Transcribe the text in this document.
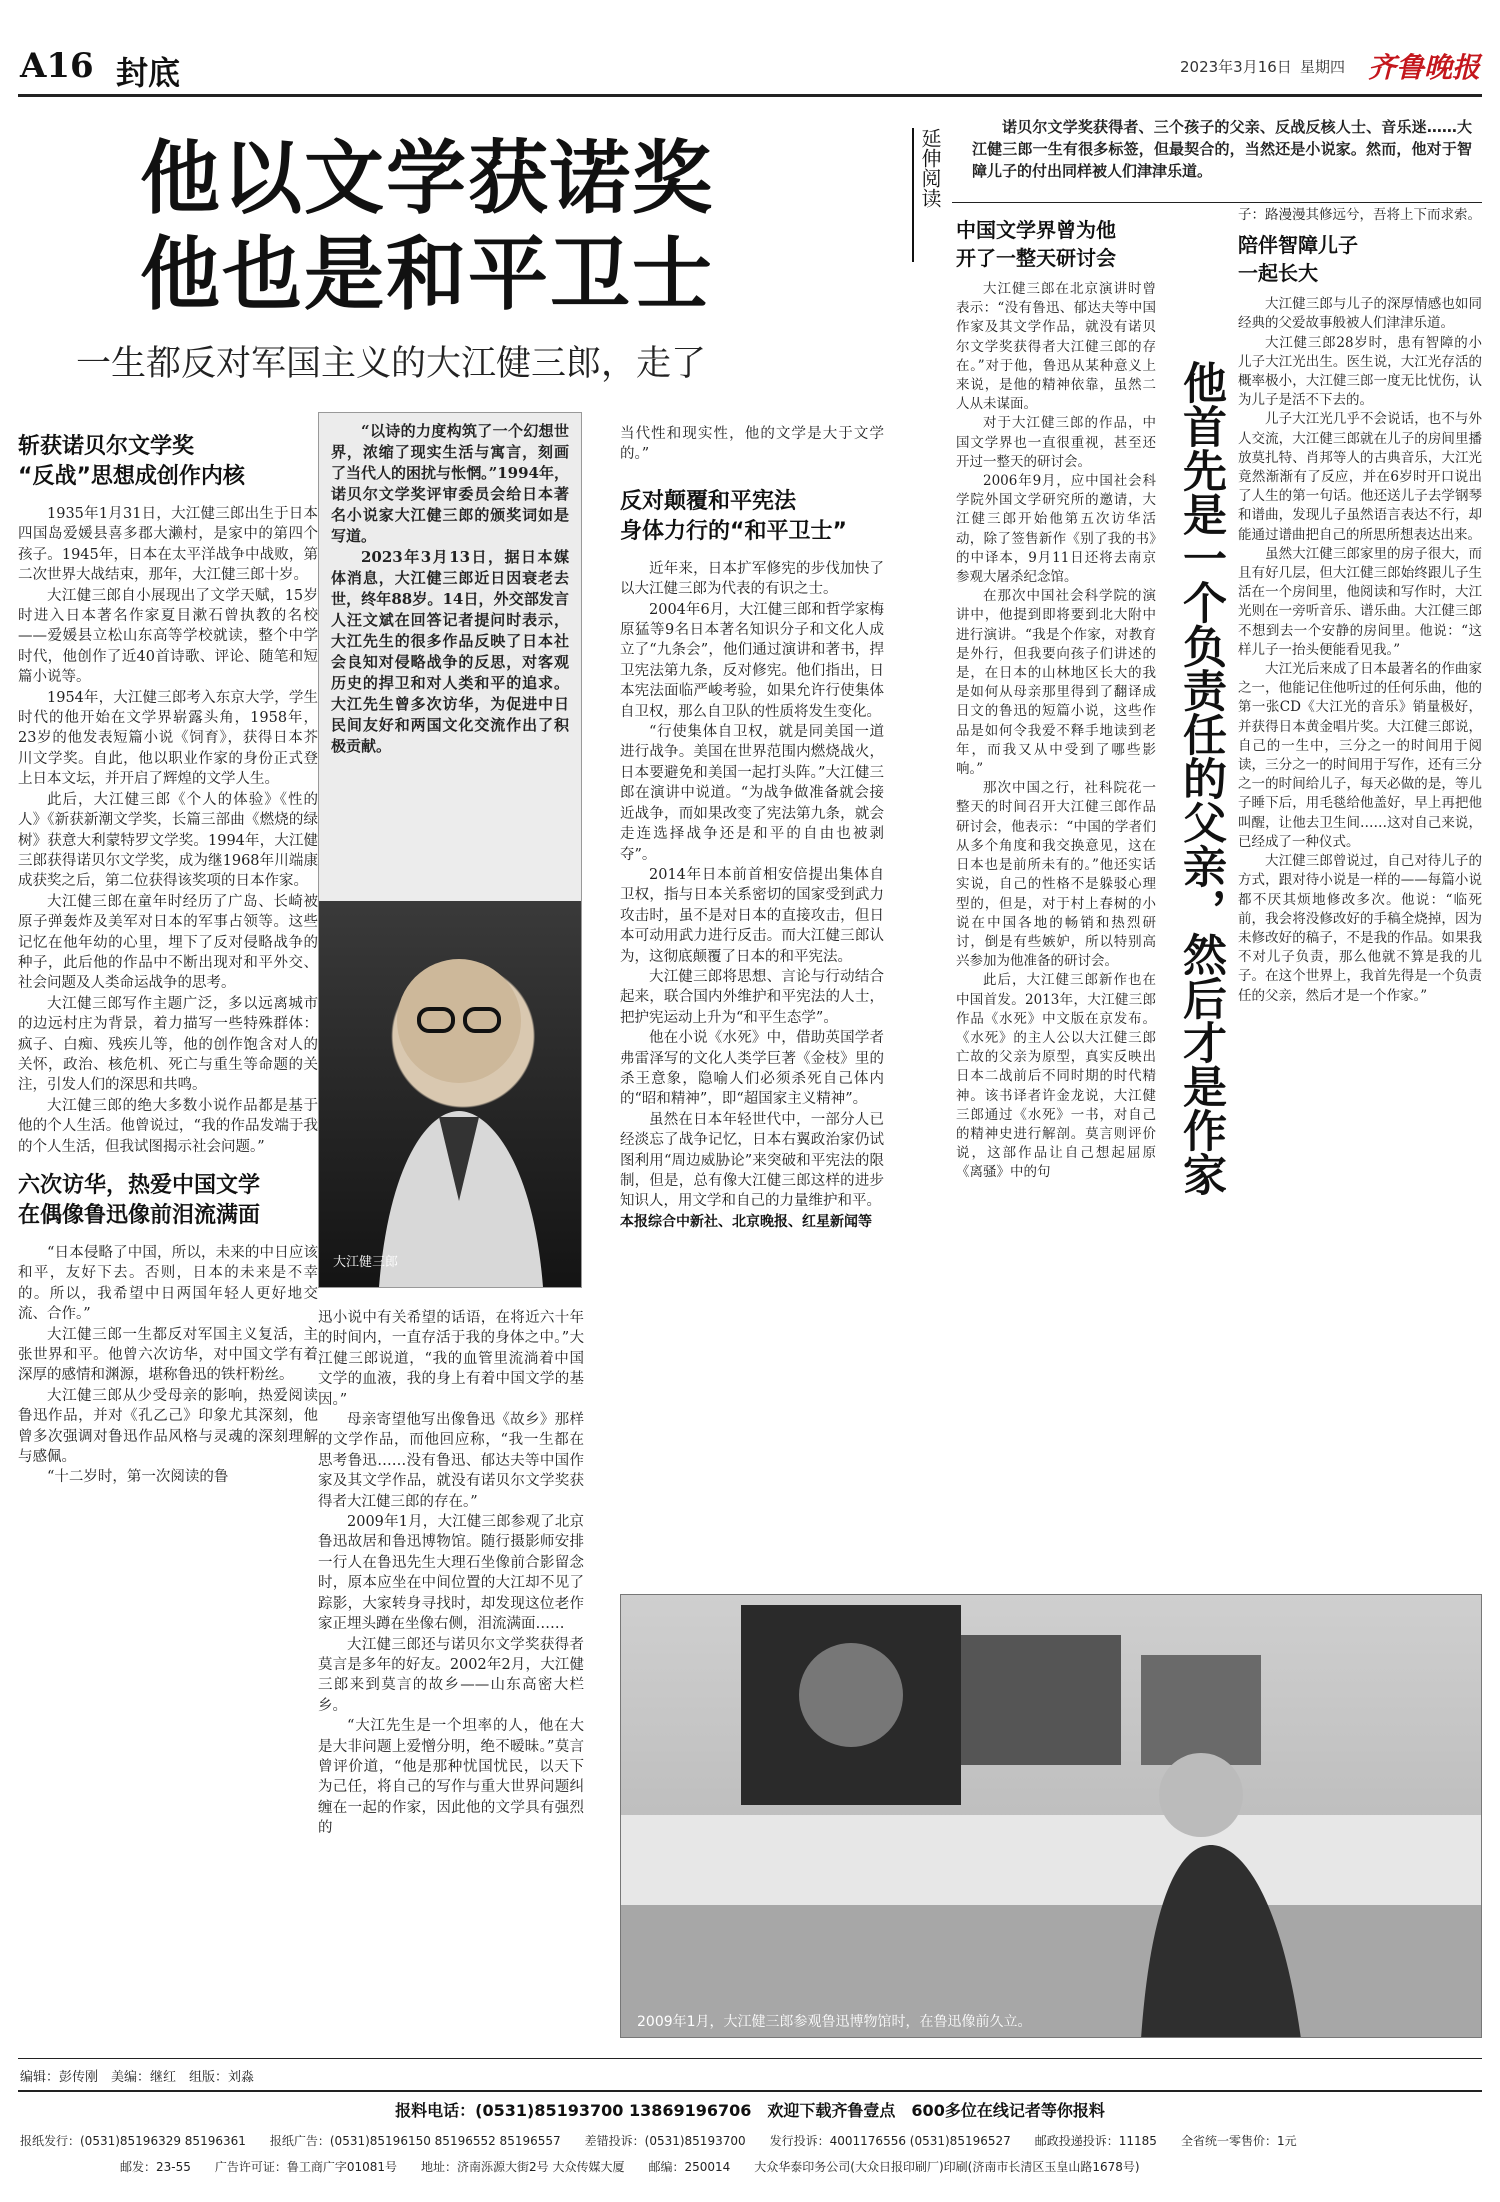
A16 封底	2023年3月16日 星期四 齐鲁晚报
他以文学获诺奖
他也是和平卫士
一生都反对军国主义的大江健三郎，走了
斩获诺贝尔文学奖
“反战”思想成创作内核

1935年1月31日，大江健三郎出生于日本四国岛爱媛县喜多郡大濑村，是家中的第四个孩子。1945年，日本在太平洋战争中战败，第二次世界大战结束，那年，大江健三郎十岁。

大江健三郎自小展现出了文学天赋，15岁时进入日本著名作家夏目漱石曾执教的名校——爱媛县立松山东高等学校就读，整个中学时代，他创作了近40首诗歌、评论、随笔和短篇小说等。

1954年，大江健三郎考入东京大学，学生时代的他开始在文学界崭露头角，1958年，23岁的他发表短篇小说《饲育》，获得日本芥川文学奖。自此，他以职业作家的身份正式登上日本文坛，并开启了辉煌的文学人生。

此后，大江健三郎《个人的体验》《性的人》《新获新潮文学奖，长篇三部曲《燃烧的绿树》获意大利蒙特罗文学奖。1994年，大江健三郎获得诺贝尔文学奖，成为继1968年川端康成获奖之后，第二位获得该奖项的日本作家。

大江健三郎在童年时经历了广岛、长崎被原子弹轰炸及美军对日本的军事占领等。这些记忆在他年幼的心里，埋下了反对侵略战争的种子，此后他的作品中不断出现对和平外交、社会问题及人类命运战争的思考。

大江健三郎写作主题广泛，多以远离城市的边远村庄为背景，着力描写一些特殊群体：疯子、白痴、残疾儿等，他的创作饱含对人的关怀，政治、核危机、死亡与重生等命题的关注，引发人们的深思和共鸣。

大江健三郎的绝大多数小说作品都是基于他的个人生活。他曾说过，“我的作品发端于我的个人生活，但我试图揭示社会问题。”

六次访华，热爱中国文学
在偶像鲁迅像前泪流满面

“日本侵略了中国，所以，未来的中日应该和平，友好下去。否则，日本的未来是不幸的。所以，我希望中日两国年轻人更好地交流、合作。”

大江健三郎一生都反对军国主义复活，主张世界和平。他曾六次访华，对中国文学有着深厚的感情和渊源，堪称鲁迅的铁杆粉丝。

大江健三郎从少受母亲的影响，热爱阅读鲁迅作品，并对《孔乙己》印象尤其深刻，他曾多次强调对鲁迅作品风格与灵魂的深刻理解与感佩。

“十二岁时，第一次阅读的鲁

“以诗的力度构筑了一个幻想世界，浓缩了现实生活与寓言，刻画了当代人的困扰与怅惘。”1994年，诺贝尔文学奖评审委员会给日本著名小说家大江健三郎的颁奖词如是写道。

2023年3月13日，据日本媒体消息，大江健三郎近日因衰老去世，终年88岁。14日，外交部发言人汪文斌在回答记者提问时表示，大江先生的很多作品反映了日本社会良知对侵略战争的反思，对客观历史的捍卫和对人类和平的追求。大江先生曾多次访华，为促进中日民间友好和两国文化交流作出了积极贡献。

大江健三郎

迅小说中有关希望的话语，在将近六十年的时间内，一直存活于我的身体之中。”大江健三郎说道，“我的血管里流淌着中国文学的血液，我的身上有着中国文学的基因。”

母亲寄望他写出像鲁迅《故乡》那样的文学作品，而他回应称，“我一生都在思考鲁迅……没有鲁迅、郁达夫等中国作家及其文学作品，就没有诺贝尔文学奖获得者大江健三郎的存在。”

2009年1月，大江健三郎参观了北京鲁迅故居和鲁迅博物馆。随行摄影师安排一行人在鲁迅先生大理石坐像前合影留念时，原本应坐在中间位置的大江却不见了踪影，大家转身寻找时，却发现这位老作家正埋头蹲在坐像右侧，泪流满面……

大江健三郎还与诺贝尔文学奖获得者莫言是多年的好友。2002年2月，大江健三郎来到莫言的故乡——山东高密大栏乡。

“大江先生是一个坦率的人，他在大是大非问题上爱憎分明，绝不暧昧。”莫言曾评价道，“他是那种忧国忧民，以天下为己任，将自己的写作与重大世界问题纠缠在一起的作家，因此他的文学具有强烈的

当代性和现实性，他的文学是大于文学的。”
反对颠覆和平宪法
身体力行的“和平卫士”

近年来，日本扩军修宪的步伐加快了以大江健三郎为代表的有识之士。

2004年6月，大江健三郎和哲学家梅原猛等9名日本著名知识分子和文化人成立了“九条会”，他们通过演讲和著书，捍卫宪法第九条，反对修宪。他们指出，日本宪法面临严峻考验，如果允许行使集体自卫权，那么自卫队的性质将发生变化。

“行使集体自卫权，就是同美国一道进行战争。美国在世界范围内燃烧战火，日本要避免和美国一起打头阵。”大江健三郎在演讲中说道。“为战争做准备就会接近战争，而如果改变了宪法第九条，就会走连选择战争还是和平的自由也被剥夺”。

2014年日本前首相安倍提出集体自卫权，指与日本关系密切的国家受到武力攻击时，虽不是对日本的直接攻击，但日本可动用武力进行反击。而大江健三郎认为，这彻底颠覆了日本的和平宪法。

大江健三郎将思想、言论与行动结合起来，联合国内外维护和平宪法的人士，把护宪运动上升为“和平生态学”。

他在小说《水死》中，借助英国学者弗雷泽写的文化人类学巨著《金枝》里的杀王意象，隐喻人们必须杀死自己体内的“昭和精神”，即“超国家主义精神”。

虽然在日本年轻世代中，一部分人已经淡忘了战争记忆，日本右翼政治家仍试图利用“周边威胁论”来突破和平宪法的限制，但是，总有像大江健三郎这样的进步知识人，用文学和自己的力量维护和平。

本报综合中新社、北京晚报、红星新闻等
延伸阅读
诺贝尔文学奖获得者、三个孩子的父亲、反战反核人士、音乐迷……大江健三郎一生有很多标签，但最契合的，当然还是小说家。然而，他对于智障儿子的付出同样被人们津津乐道。
中国文学界曾为他
开了一整天研讨会

大江健三郎在北京演讲时曾表示：“没有鲁迅、郁达夫等中国作家及其文学作品，就没有诺贝尔文学奖获得者大江健三郎的存在。”对于他，鲁迅从某种意义上来说，是他的精神依靠，虽然二人从未谋面。

对于大江健三郎的作品，中国文学界也一直很重视，甚至还开过一整天的研讨会。

2006年9月，应中国社会科学院外国文学研究所的邀请，大江健三郎开始他第五次访华活动，除了签售新作《别了我的书》的中译本，9月11日还将去南京参观大屠杀纪念馆。

在那次中国社会科学院的演讲中，他提到即将要到北大附中进行演讲。“我是个作家，对教育是外行，但我要向孩子们讲述的是，在日本的山林地区长大的我是如何从母亲那里得到了翻译成日文的鲁迅的短篇小说，这些作品是如何令我爱不释手地读到老年，而我又从中受到了哪些影响。”

那次中国之行，社科院花一整天的时间召开大江健三郎作品研讨会，他表示：“中国的学者们从多个角度和我交换意见，这在日本也是前所未有的。”他还实话实说，自己的性格不是躲驳心理型的，但是，对于村上春树的小说在中国各地的畅销和热烈研讨，倒是有些嫉妒，所以特别高兴参加为他准备的研讨会。

此后，大江健三郎新作也在中国首发。2013年，大江健三郎作品《水死》中文版在京发布。《水死》的主人公以大江健三郎亡故的父亲为原型，真实反映出日本二战前后不同时期的时代精神。该书译者许金龙说，大江健三郎通过《水死》一书，对自己的精神史进行解剖。莫言则评价说，这部作品让自己想起屈原《离骚》中的句	他首先是一个负责任的父亲，然后才是作家
子：路漫漫其修远兮，吾将上下而求索。
陪伴智障儿子
一起长大

大江健三郎与儿子的深厚情感也如同经典的父爱故事般被人们津津乐道。

大江健三郎28岁时，患有智障的小儿子大江光出生。医生说，大江光存活的概率极小，大江健三郎一度无比忧伤，认为儿子是活不下去的。

儿子大江光几乎不会说话，也不与外人交流，大江健三郎就在儿子的房间里播放莫扎特、肖邦等人的古典音乐，大江光竟然渐渐有了反应，并在6岁时开口说出了人生的第一句话。他还送儿子去学钢琴和谱曲，发现儿子虽然语言表达不行，却能通过谱曲把自己的所思所想表达出来。

虽然大江健三郎家里的房子很大，而且有好几层，但大江健三郎始终跟儿子生活在一个房间里，他阅读和写作时，大江光则在一旁听音乐、谱乐曲。大江健三郎不想到去一个安静的房间里。他说：“这样儿子一抬头便能看见我。”

大江光后来成了日本最著名的作曲家之一，他能记住他听过的任何乐曲，他的第一张CD《大江光的音乐》销量极好，并获得日本黄金唱片奖。大江健三郎说，自己的一生中，三分之一的时间用于阅读，三分之一的时间用于写作，还有三分之一的时间给儿子，每天必做的是，等儿子睡下后，用毛毯给他盖好，早上再把他叫醒，让他去卫生间……这对自己来说，已经成了一种仪式。

大江健三郎曾说过，自己对待儿子的方式，跟对待小说是一样的——每篇小说都不厌其烦地修改多次。他说：“临死前，我会将没修改好的手稿全烧掉，因为未修改好的稿子，不是我的作品。如果我不对儿子负责，那么他就不算是我的儿子。在这个世界上，我首先得是一个负责任的父亲，然后才是一个作家。”

2009年1月，大江健三郎参观鲁迅博物馆时，在鲁迅像前久立。
编辑：彭传刚　美编：继红　组版：刘淼
报料电话：(0531)85193700 13869196706　欢迎下载齐鲁壹点　600多位在线记者等你报料
报纸发行：(0531)85196329 85196361　　报纸广告：(0531)85196150 85196552 85196557　　差错投诉：(0531)85193700　　发行投诉：4001176556 (0531)85196527　　邮政投递投诉：11185　　全省统一零售价：1元
邮发：23-55　　广告许可证：鲁工商广字01081号　　地址：济南泺源大街2号 大众传媒大厦　　邮编：250014　　大众华泰印务公司(大众日报印刷厂)印刷(济南市长清区玉皇山路1678号)
